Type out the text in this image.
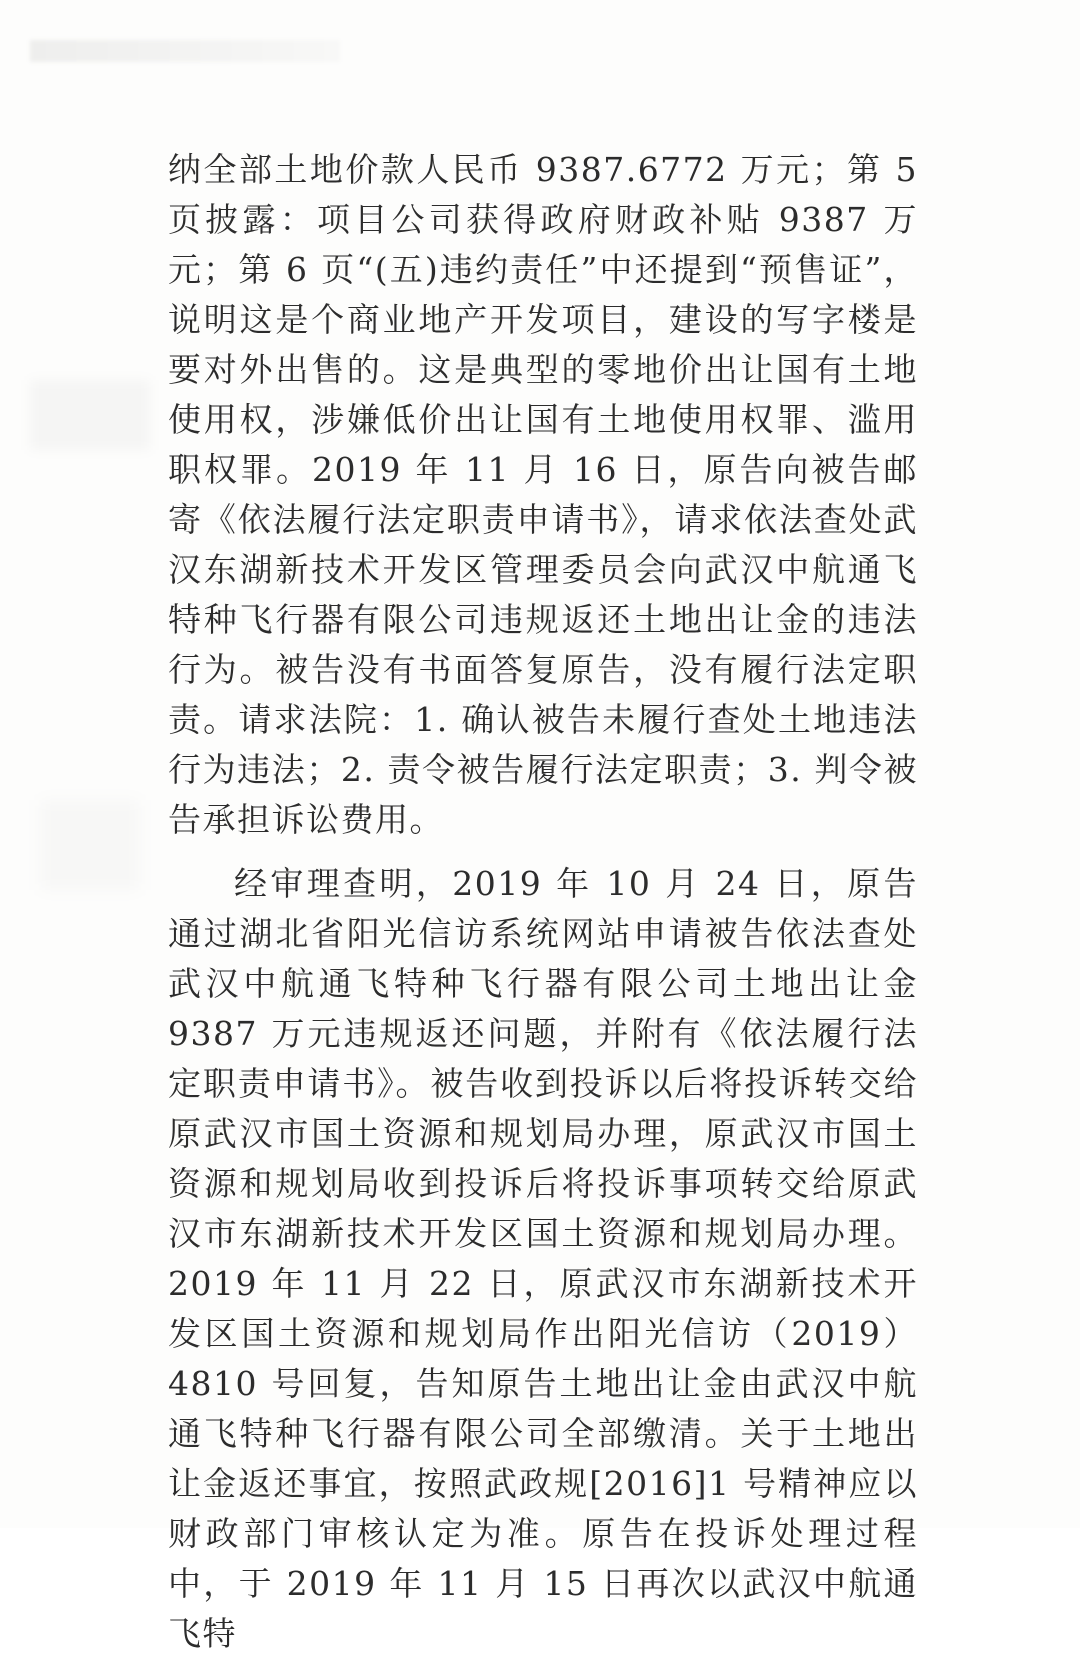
纳全部土地价款人民币 9387.6772 万元；第 5 页披露：项目公司获得政府财政补贴 9387 万元；第 6 页“(五)违约责任”中还提到“预售证”，说明这是个商业地产开发项目，建设的写字楼是要对外出售的。这是典型的零地价出让国有土地使用权，涉嫌低价出让国有土地使用权罪、滥用职权罪。2019 年 11 月 16 日，原告向被告邮寄《依法履行法定职责申请书》，请求依法查处武汉东湖新技术开发区管理委员会向武汉中航通飞特种飞行器有限公司违规返还土地出让金的违法行为。被告没有书面答复原告，没有履行法定职责。请求法院：1. 确认被告未履行查处土地违法行为违法；2. 责令被告履行法定职责；3. 判令被告承担诉讼费用。

经审理查明，2019 年 10 月 24 日，原告通过湖北省阳光信访系统网站申请被告依法查处武汉中航通飞特种飞行器有限公司土地出让金 9387 万元违规返还问题，并附有《依法履行法定职责申请书》。被告收到投诉以后将投诉转交给原武汉市国土资源和规划局办理，原武汉市国土资源和规划局收到投诉后将投诉事项转交给原武汉市东湖新技术开发区国土资源和规划局办理。2019 年 11 月 22 日，原武汉市东湖新技术开发区国土资源和规划局作出阳光信访（2019）4810 号回复，告知原告土地出让金由武汉中航通飞特种飞行器有限公司全部缴清。关于土地出让金返还事宜，按照武政规[2016]1 号精神应以财政部门审核认定为准。原告在投诉处理过程中，于 2019 年 11 月 15 日再次以武汉中航通飞特
